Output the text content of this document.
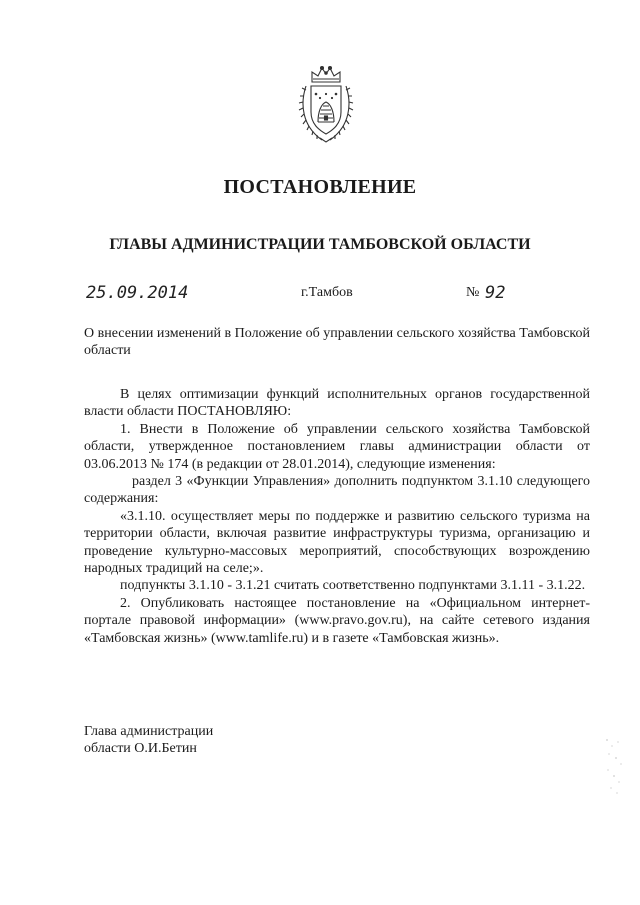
ПОСТАНОВЛЕНИЕ
ГЛАВЫ АДМИНИСТРАЦИИ ТАМБОВСКОЙ ОБЛАСТИ
25.09.2014	г.Тамбов	№ 92
О внесении изменений в Положение об управлении сельского хозяйства Тамбовской области

В целях оптимизации функций исполнительных органов государственной власти области ПОСТАНОВЛЯЮ:

1. Внести в Положение об управлении сельского хозяйства Тамбовской области, утвержденное постановлением главы администрации области от 03.06.2013 № 174 (в редакции от 28.01.2014), следующие изменения:

раздел 3 «Функции Управления» дополнить подпунктом 3.1.10 следующего содержания:

«3.1.10. осуществляет меры по поддержке и развитию сельского туризма на территории области, включая развитие инфраструктуры туризма, организацию и проведение культурно-массовых мероприятий, способствующих возрождению народных традиций на селе;».

подпункты 3.1.10 - 3.1.21 считать соответственно подпунктами 3.1.11 - 3.1.22.

2. Опубликовать настоящее постановление на «Официальном интернет-портале правовой информации» (www.pravo.gov.ru), на сайте сетевого издания «Тамбовская жизнь» (www.tamlife.ru) и в газете «Тамбовская жизнь».

Глава администрации
области О.И.Бетин
